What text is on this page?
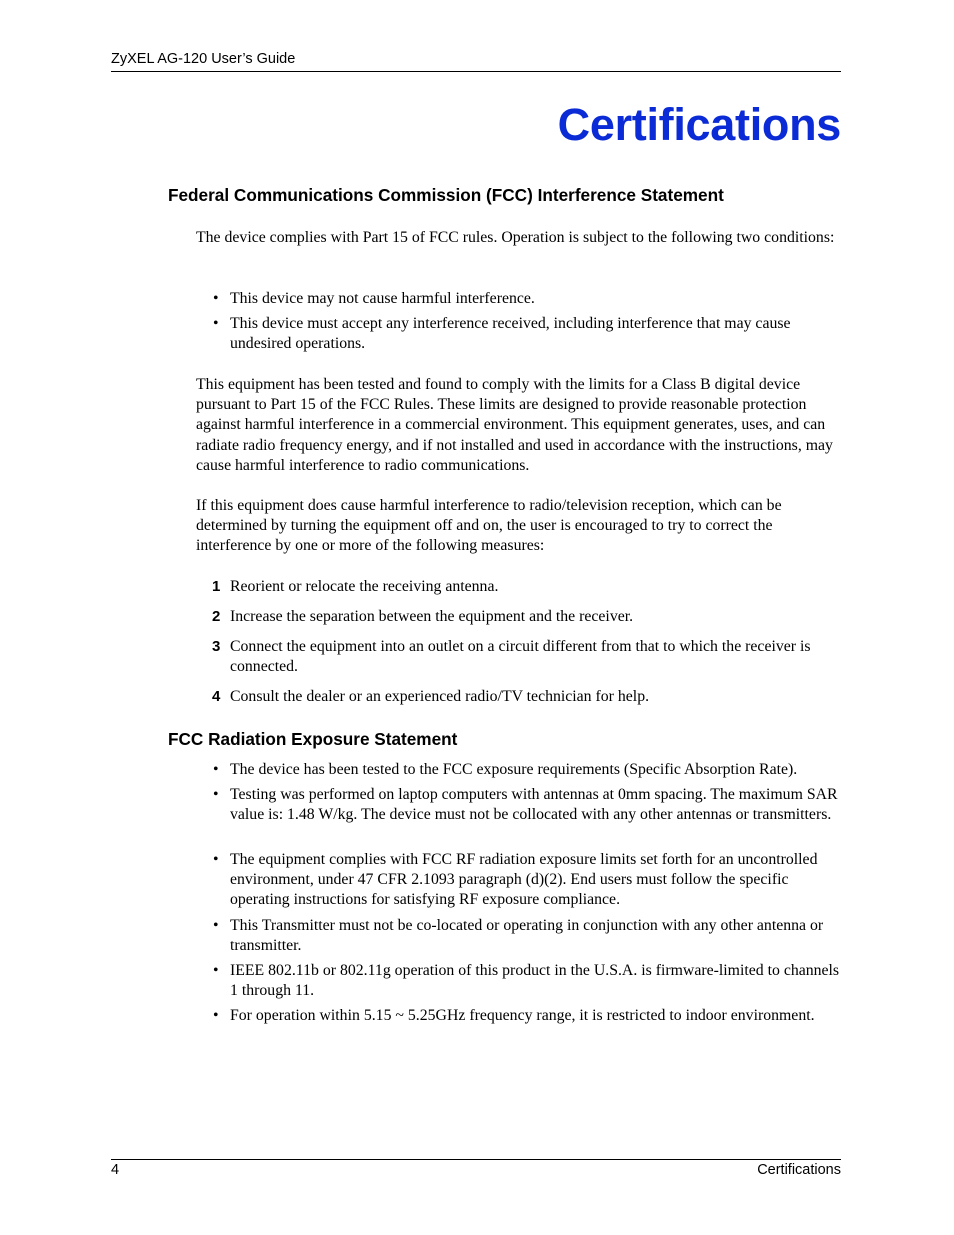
ZyXEL AG-120 User’s Guide
Certifications
Federal Communications Commission (FCC) Interference Statement
The device complies with Part 15 of FCC rules. Operation is subject to the following two conditions:
• This device may not cause harmful interference.
• This device must accept any interference received, including interference that may cause undesired operations.
This equipment has been tested and found to comply with the limits for a Class B digital device pursuant to Part 15 of the FCC Rules. These limits are designed to provide reasonable protection against harmful interference in a commercial environment. This equipment generates, uses, and can radiate radio frequency energy, and if not installed and used in accordance with the instructions, may cause harmful interference to radio communications.
If this equipment does cause harmful interference to radio/television reception, which can be determined by turning the equipment off and on, the user is encouraged to try to correct the interference by one or more of the following measures:
1 Reorient or relocate the receiving antenna.
2 Increase the separation between the equipment and the receiver.
3 Connect the equipment into an outlet on a circuit different from that to which the receiver is connected.
4 Consult the dealer or an experienced radio/TV technician for help.
FCC Radiation Exposure Statement
• The device has been tested to the FCC exposure requirements (Specific Absorption Rate).
• Testing was performed on laptop computers with antennas at 0mm spacing. The maximum SAR value is: 1.48 W/kg. The device must not be collocated with any other antennas or transmitters.
• The equipment complies with FCC RF radiation exposure limits set forth for an uncontrolled environment, under 47 CFR 2.1093 paragraph (d)(2). End users must follow the specific operating instructions for satisfying RF exposure compliance.
• This Transmitter must not be co-located or operating in conjunction with any other antenna or transmitter.
• IEEE 802.11b or 802.11g operation of this product in the U.S.A. is firmware-limited to channels 1 through 11.
• For operation within 5.15 ~ 5.25GHz frequency range, it is restricted to indoor environment.
4	Certifications
